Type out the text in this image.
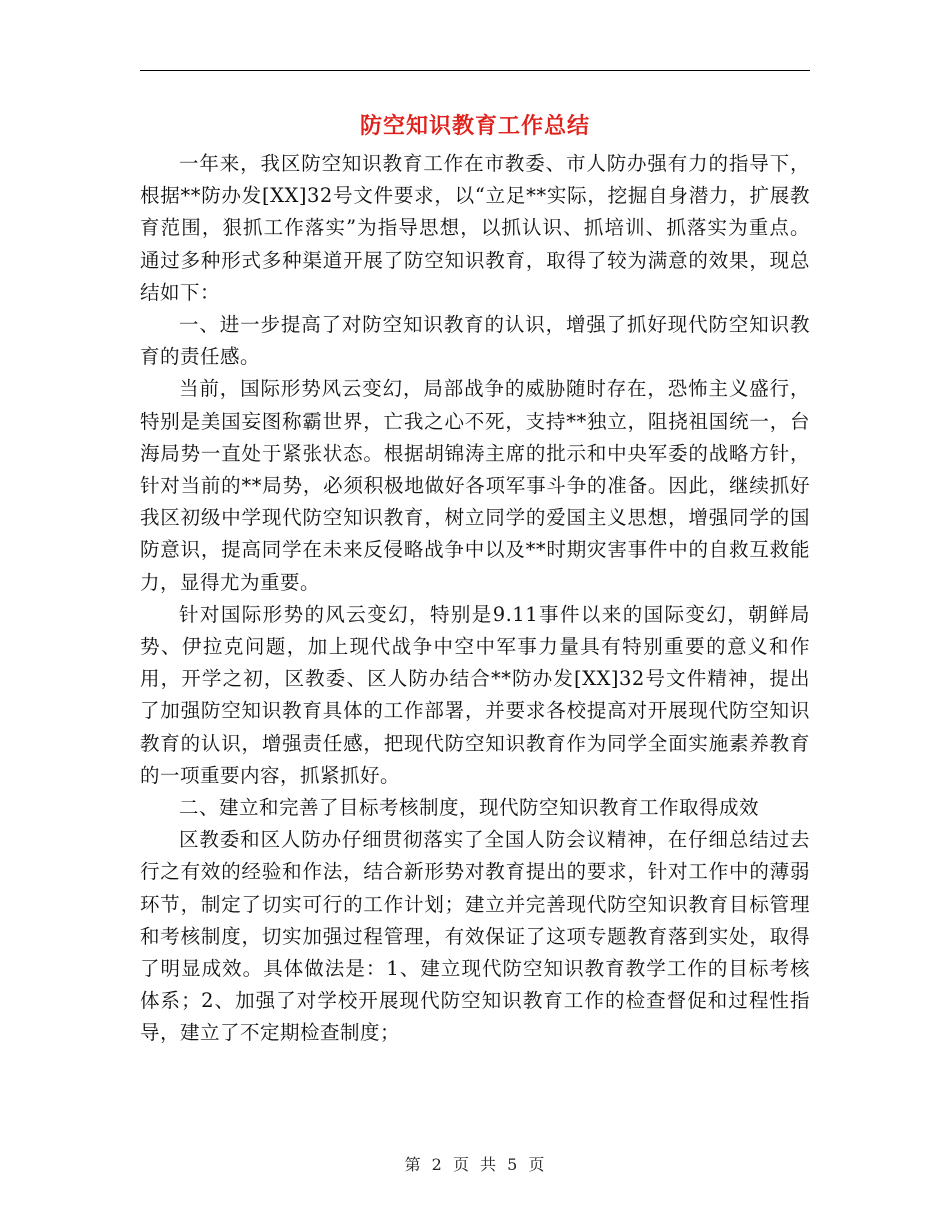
防空知识教育工作总结

一年来，我区防空知识教育工作在市教委、市人防办强有力的指导下，根据**防办发[XX]32号文件要求，以“立足**实际，挖掘自身潜力，扩展教育范围，狠抓工作落实”为指导思想，以抓认识、抓培训、抓落实为重点。通过多种形式多种渠道开展了防空知识教育，取得了较为满意的效果，现总结如下：

一、进一步提高了对防空知识教育的认识，增强了抓好现代防空知识教育的责任感。

当前，国际形势风云变幻，局部战争的威胁随时存在，恐怖主义盛行，特别是美国妄图称霸世界，亡我之心不死，支持**独立，阻挠祖国统一，台海局势一直处于紧张状态。根据胡锦涛主席的批示和中央军委的战略方针，针对当前的**局势，必须积极地做好各项军事斗争的准备。因此，继续抓好我区初级中学现代防空知识教育，树立同学的爱国主义思想，增强同学的国防意识，提高同学在未来反侵略战争中以及**时期灾害事件中的自救互救能力，显得尤为重要。

针对国际形势的风云变幻，特别是9.11事件以来的国际变幻，朝鲜局势、伊拉克问题，加上现代战争中空中军事力量具有特别重要的意义和作用，开学之初，区教委、区人防办结合**防办发[XX]32号文件精神，提出了加强防空知识教育具体的工作部署，并要求各校提高对开展现代防空知识教育的认识，增强责任感，把现代防空知识教育作为同学全面实施素养教育的一项重要内容，抓紧抓好。

二、建立和完善了目标考核制度，现代防空知识教育工作取得成效

区教委和区人防办仔细贯彻落实了全国人防会议精神，在仔细总结过去行之有效的经验和作法，结合新形势对教育提出的要求，针对工作中的薄弱环节，制定了切实可行的工作计划；建立并完善现代防空知识教育目标管理和考核制度，切实加强过程管理，有效保证了这项专题教育落到实处，取得了明显成效。具体做法是：1、建立现代防空知识教育教学工作的目标考核体系；2、加强了对学校开展现代防空知识教育工作的检查督促和过程性指导，建立了不定期检查制度；

第 2 页 共 5 页
